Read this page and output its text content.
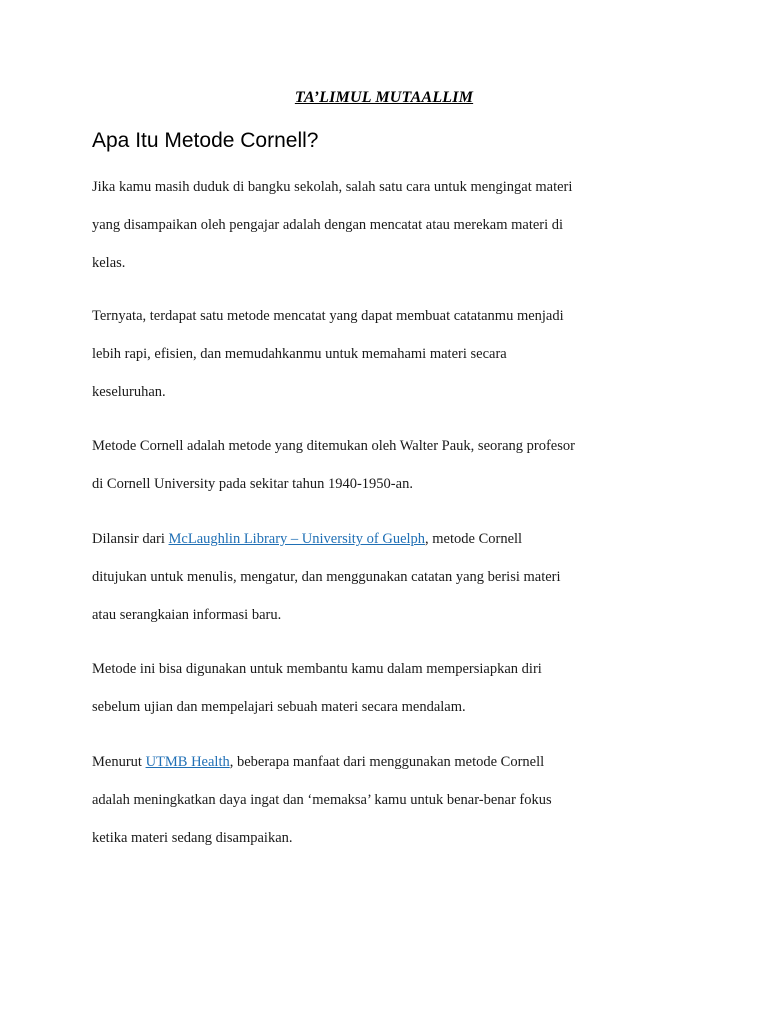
TA’LIMUL MUTAALLIM
Apa Itu Metode Cornell?

Jika kamu masih duduk di bangku sekolah, salah satu cara untuk mengingat materi
yang disampaikan oleh pengajar adalah dengan mencatat atau merekam materi di
kelas.

Ternyata, terdapat satu metode mencatat yang dapat membuat catatanmu menjadi
lebih rapi, efisien, dan memudahkanmu untuk memahami materi secara
keseluruhan.

Metode Cornell adalah metode yang ditemukan oleh Walter Pauk, seorang profesor
di Cornell University pada sekitar tahun 1940-1950-an.

Dilansir dari McLaughlin Library – University of Guelph, metode Cornell
ditujukan untuk menulis, mengatur, dan menggunakan catatan yang berisi materi
atau serangkaian informasi baru.

Metode ini bisa digunakan untuk membantu kamu dalam mempersiapkan diri
sebelum ujian dan mempelajari sebuah materi secara mendalam.

Menurut UTMB Health, beberapa manfaat dari menggunakan metode Cornell
adalah meningkatkan daya ingat dan ‘memaksa’ kamu untuk benar-benar fokus
ketika materi sedang disampaikan.
